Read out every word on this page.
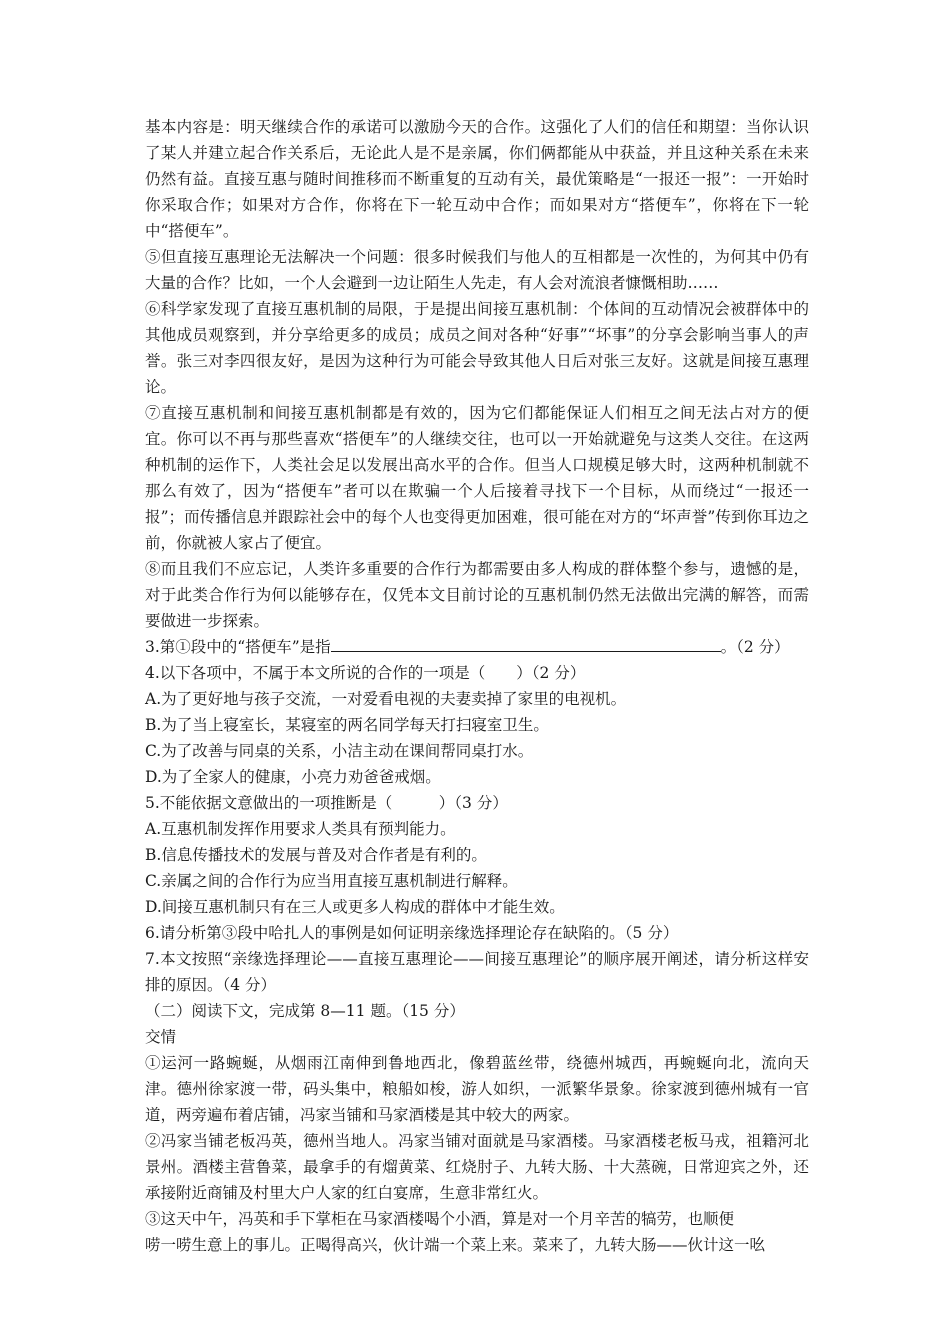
基本内容是：明天继续合作的承诺可以激励今天的合作。这强化了人们的信任和期望：当你认识了某人并建立起合作关系后，无论此人是不是亲属，你们俩都能从中获益，并且这种关系在未来仍然有益。直接互惠与随时间推移而不断重复的互动有关，最优策略是“一报还一报”：一开始时你采取合作；如果对方合作，你将在下一轮互动中合作；而如果对方“搭便车”，你将在下一轮中“搭便车”。

⑤但直接互惠理论无法解决一个问题：很多时候我们与他人的互相都是一次性的，为何其中仍有大量的合作？比如，一个人会避到一边让陌生人先走，有人会对流浪者慷慨相助……

⑥科学家发现了直接互惠机制的局限，于是提出间接互惠机制：个体间的互动情况会被群体中的其他成员观察到，并分享给更多的成员；成员之间对各种“好事”“坏事”的分享会影响当事人的声誉。张三对李四很友好，是因为这种行为可能会导致其他人日后对张三友好。这就是间接互惠理论。

⑦直接互惠机制和间接互惠机制都是有效的，因为它们都能保证人们相互之间无法占对方的便宜。你可以不再与那些喜欢“搭便车”的人继续交往，也可以一开始就避免与这类人交往。在这两种机制的运作下，人类社会足以发展出高水平的合作。但当人口规模足够大时，这两种机制就不那么有效了，因为“搭便车”者可以在欺骗一个人后接着寻找下一个目标，从而绕过“一报还一报”；而传播信息并跟踪社会中的每个人也变得更加困难，很可能在对方的“坏声誉”传到你耳边之前，你就被人家占了便宜。

⑧而且我们不应忘记，人类许多重要的合作行为都需要由多人构成的群体整个参与，遗憾的是，对于此类合作行为何以能够存在，仅凭本文目前讨论的互惠机制仍然无法做出完满的解答，而需要做进一步探索。

3.第①段中的“搭便车”是指	。（2 分）

4.以下各项中，不属于本文所说的合作的一项是（　　）（2 分）

A.为了更好地与孩子交流，一对爱看电视的夫妻卖掉了家里的电视机。

B.为了当上寝室长，某寝室的两名同学每天打扫寝室卫生。

C.为了改善与同桌的关系，小洁主动在课间帮同桌打水。

D.为了全家人的健康，小亮力劝爸爸戒烟。

5.不能依据文意做出的一项推断是（　　　）（3 分）

A.互惠机制发挥作用要求人类具有预判能力。

B.信息传播技术的发展与普及对合作者是有利的。

C.亲属之间的合作行为应当用直接互惠机制进行解释。

D.间接互惠机制只有在三人或更多人构成的群体中才能生效。

6.请分析第③段中哈扎人的事例是如何证明亲缘选择理论存在缺陷的。（5 分）

7.本文按照“亲缘选择理论——直接互惠理论——间接互惠理论”的顺序展开阐述，请分析这样安排的原因。（4 分）

（二）阅读下文，完成第 8—11 题。（15 分）

交情

①运河一路蜿蜒，从烟雨江南伸到鲁地西北，像碧蓝丝带，绕德州城西，再蜿蜒向北，流向天津。德州徐家渡一带，码头集中，粮船如梭，游人如织，一派繁华景象。徐家渡到德州城有一官道，两旁遍布着店铺，冯家当铺和马家酒楼是其中较大的两家。

②冯家当铺老板冯英，德州当地人。冯家当铺对面就是马家酒楼。马家酒楼老板马戎，祖籍河北景州。酒楼主营鲁菜，最拿手的有熘黄菜、红烧肘子、九转大肠、十大蒸碗，日常迎宾之外，还承接附近商铺及村里大户人家的红白宴席，生意非常红火。

③这天中午，冯英和手下掌柜在马家酒楼喝个小酒，算是对一个月辛苦的犒劳，也顺便

唠一唠生意上的事儿。正喝得高兴，伙计端一个菜上来。菜来了，九转大肠——伙计这一吆
